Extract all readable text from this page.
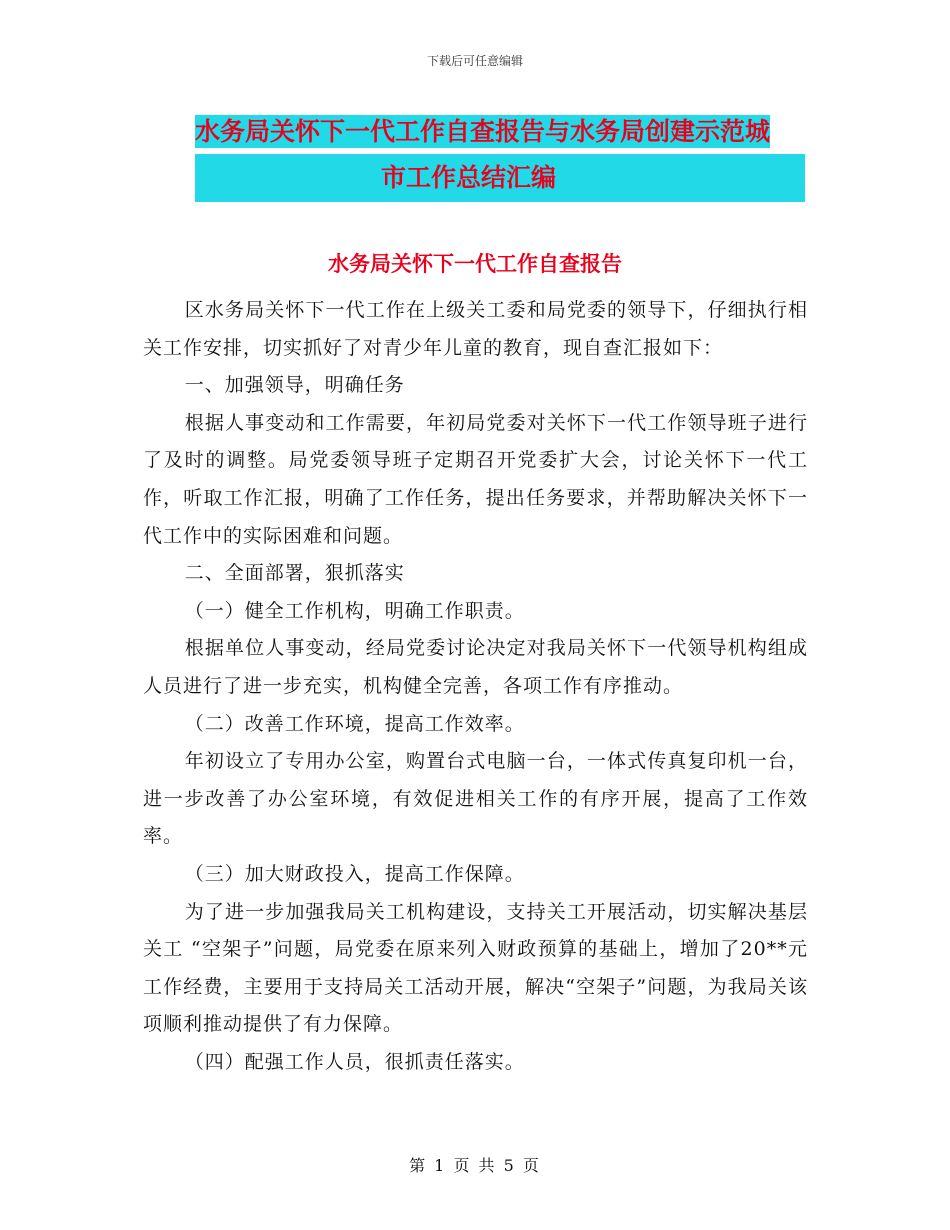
下载后可任意编辑
水务局关怀下一代工作自查报告与水务局创建示范城
市工作总结汇编
水务局关怀下一代工作自查报告

区水务局关怀下一代工作在上级关工委和局党委的领导下，仔细执行相关工作安排，切实抓好了对青少年儿童的教育，现自查汇报如下：

一、加强领导，明确任务

根据人事变动和工作需要，年初局党委对关怀下一代工作领导班子进行了及时的调整。局党委领导班子定期召开党委扩大会，讨论关怀下一代工作，听取工作汇报，明确了工作任务，提出任务要求，并帮助解决关怀下一代工作中的实际困难和问题。

二、全面部署，狠抓落实

（一）健全工作机构，明确工作职责。

根据单位人事变动，经局党委讨论决定对我局关怀下一代领导机构组成人员进行了进一步充实，机构健全完善，各项工作有序推动。

（二）改善工作环境，提高工作效率。

年初设立了专用办公室，购置台式电脑一台，一体式传真复印机一台，进一步改善了办公室环境，有效促进相关工作的有序开展，提高了工作效率。

（三）加大财政投入，提高工作保障。

为了进一步加强我局关工机构建设，支持关工开展活动，切实解决基层关工 “空架子”问题，局党委在原来列入财政预算的基础上，增加了20**元工作经费，主要用于支持局关工活动开展，解决“空架子”问题，为我局关该项顺利推动提供了有力保障。

（四）配强工作人员，很抓责任落实。

第 1 页 共 5 页
